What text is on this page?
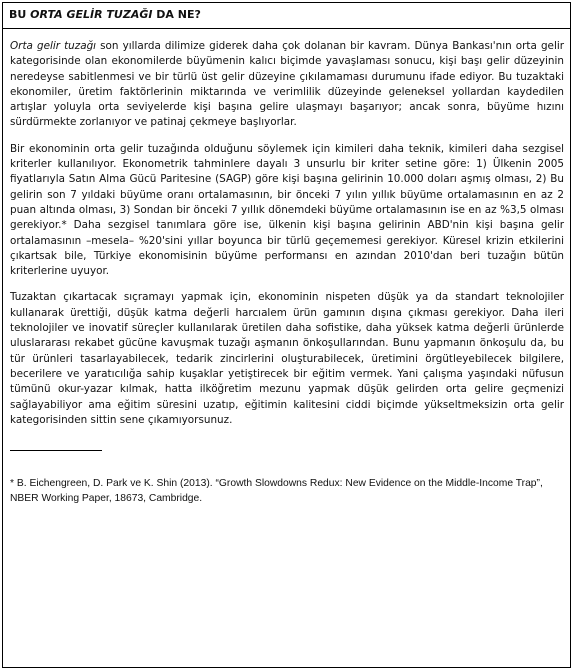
BU ORTA GELİR TUZAĞI DA NE?

Orta gelir tuzağı son yıllarda dilimize giderek daha çok dolanan bir kavram. Dünya Bankası'nın orta gelir kategorisinde olan ekonomilerde büyümenin kalıcı biçimde yavaşlaması sonucu, kişi başı gelir düzeyinin neredeyse sabitlenmesi ve bir türlü üst gelir düzeyine çıkılamaması durumunu ifade ediyor. Bu tuzaktaki ekonomiler, üretim faktörlerinin miktarında ve verimlilik düzeyinde geleneksel yollardan kaydedilen artışlar yoluyla orta seviyelerde kişi başına gelire ulaşmayı başarıyor; ancak sonra, büyüme hızını sürdürmekte zorlanıyor ve patinaj çekmeye başlıyorlar.

Bir ekonominin orta gelir tuzağında olduğunu söylemek için kimileri daha teknik, kimileri daha sezgisel kriterler kullanılıyor. Ekonometrik tahminlere dayalı 3 unsurlu bir kriter setine göre: 1) Ülkenin 2005 fiyatlarıyla Satın Alma Gücü Paritesine (SAGP) göre kişi başına gelirinin 10.000 doları aşmış olması, 2) Bu gelirin son 7 yıldaki büyüme oranı ortalamasının, bir önceki 7 yılın yıllık büyüme ortalamasının en az 2 puan altında olması, 3) Sondan bir önceki 7 yıllık dönemdeki büyüme ortalamasının ise en az %3,5 olması gerekiyor.* Daha sezgisel tanımlara göre ise, ülkenin kişi başına gelirinin ABD'nin kişi başına gelir ortalamasının –mesela– %20'sini yıllar boyunca bir türlü geçememesi gerekiyor. Küresel krizin etkilerini çıkartsak bile, Türkiye ekonomisinin büyüme performansı en azından 2010'dan beri tuzağın bütün kriterlerine uyuyor.

Tuzaktan çıkartacak sıçramayı yapmak için, ekonominin nispeten düşük ya da standart teknolojiler kullanarak ürettiği, düşük katma değerli harcıalem ürün gamının dışına çıkması gerekiyor. Daha ileri teknolojiler ve inovatif süreçler kullanılarak üretilen daha sofistike, daha yüksek katma değerli ürünlerde uluslararası rekabet gücüne kavuşmak tuzağı aşmanın önkoşullarından. Bunu yapmanın önkoşulu da, bu tür ürünleri tasarlayabilecek, tedarik zincirlerini oluşturabilecek, üretimini örgütleyebilecek bilgilere, becerilere ve yaratıcılığa sahip kuşaklar yetiştirecek bir eğitim vermek. Yani çalışma yaşındaki nüfusun tümünü okur-yazar kılmak, hatta ilköğretim mezunu yapmak düşük gelirden orta gelire geçmenizi sağlayabiliyor ama eğitim süresini uzatıp, eğitimin kalitesini ciddi biçimde yükseltmeksizin orta gelir kategorisinden sittin sene çıkamıyorsunuz.

* B. Eichengreen, D. Park ve K. Shin (2013). “Growth Slowdowns Redux: New Evidence on the Middle-Income Trap”, NBER Working Paper, 18673, Cambridge.
